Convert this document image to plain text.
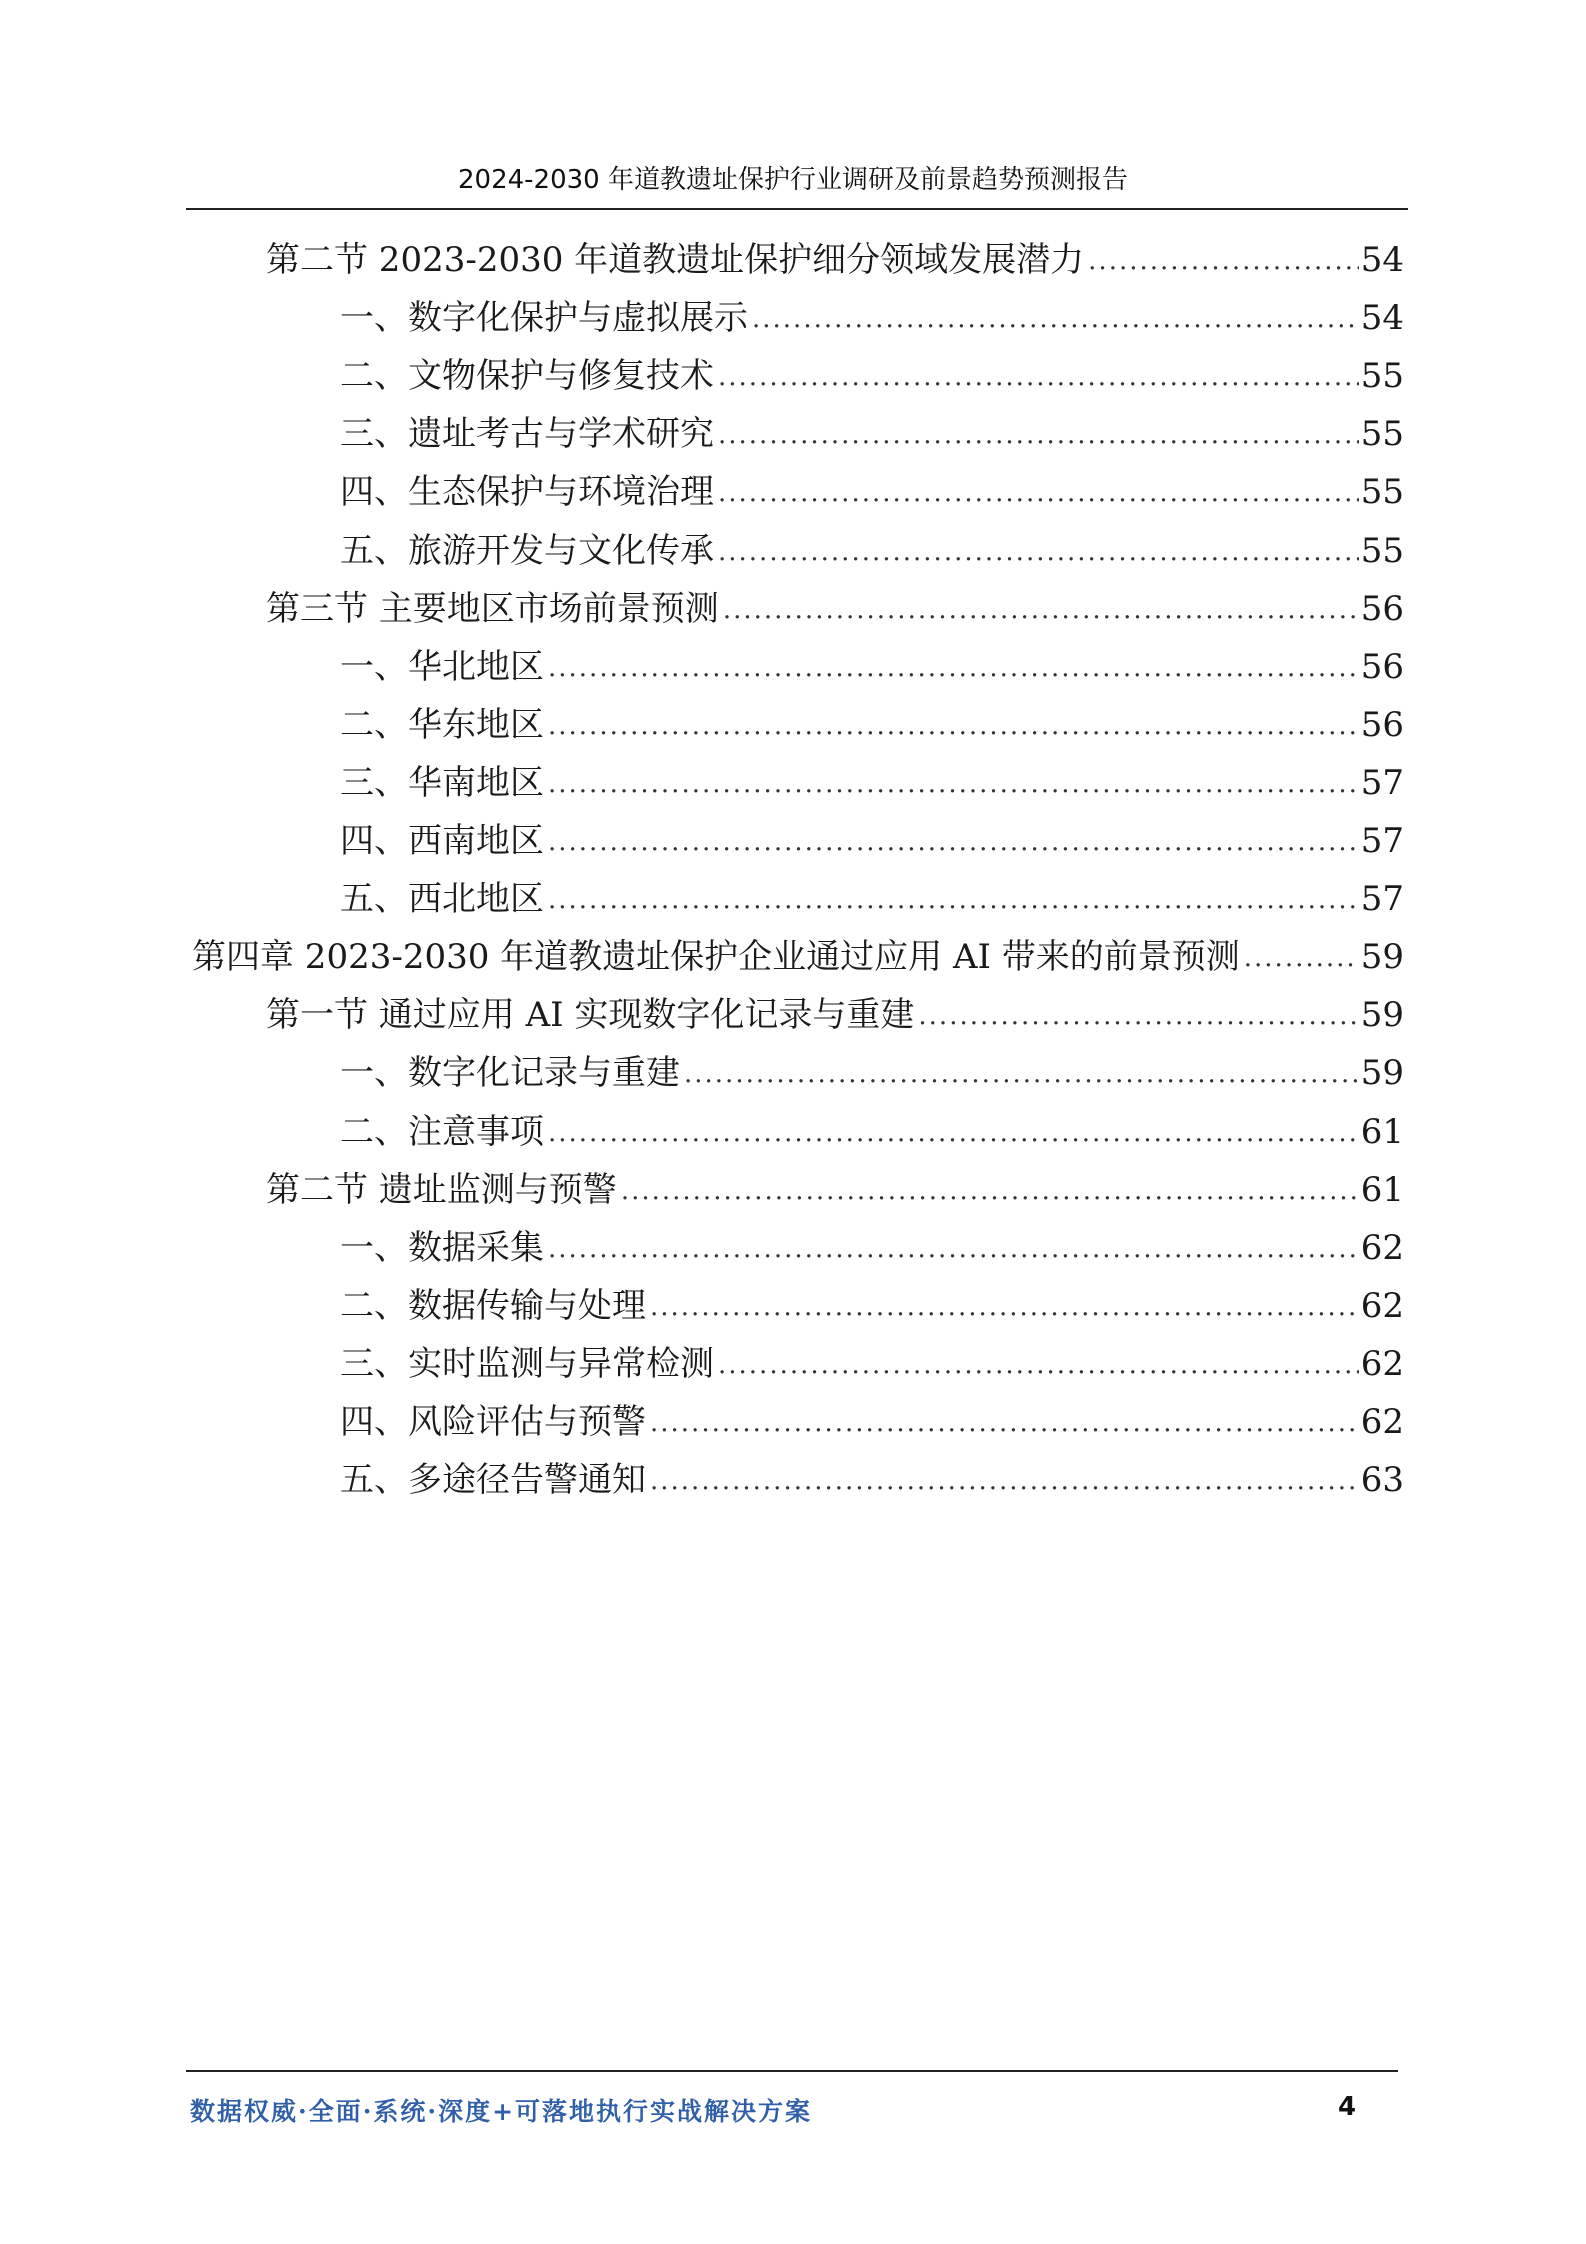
2024-2030 年道教遗址保护行业调研及前景趋势预测报告
第二节 2023-2030 年道教遗址保护细分领域发展潜力 .....	54
一、数字化保护与虚拟展示 .....	54
二、文物保护与修复技术 .....	55
三、遗址考古与学术研究 .....	55
四、生态保护与环境治理 .....	55
五、旅游开发与文化传承 .....	55
第三节 主要地区市场前景预测 .....	56
一、华北地区 .....	56
二、华东地区 .....	56
三、华南地区 .....	57
四、西南地区 .....	57
五、西北地区 .....	57
第四章 2023-2030 年道教遗址保护企业通过应用 AI 带来的前景预测 .....	59
第一节 通过应用 AI 实现数字化记录与重建 .....	59
一、数字化记录与重建 .....	59
二、注意事项 .....	61
第二节 遗址监测与预警 .....	61
一、数据采集 .....	62
二、数据传输与处理 .....	62
三、实时监测与异常检测 .....	62
四、风险评估与预警 .....	62
五、多途径告警通知 .....	63
数据权威·全面·系统·深度+可落地执行实战解决方案	4
